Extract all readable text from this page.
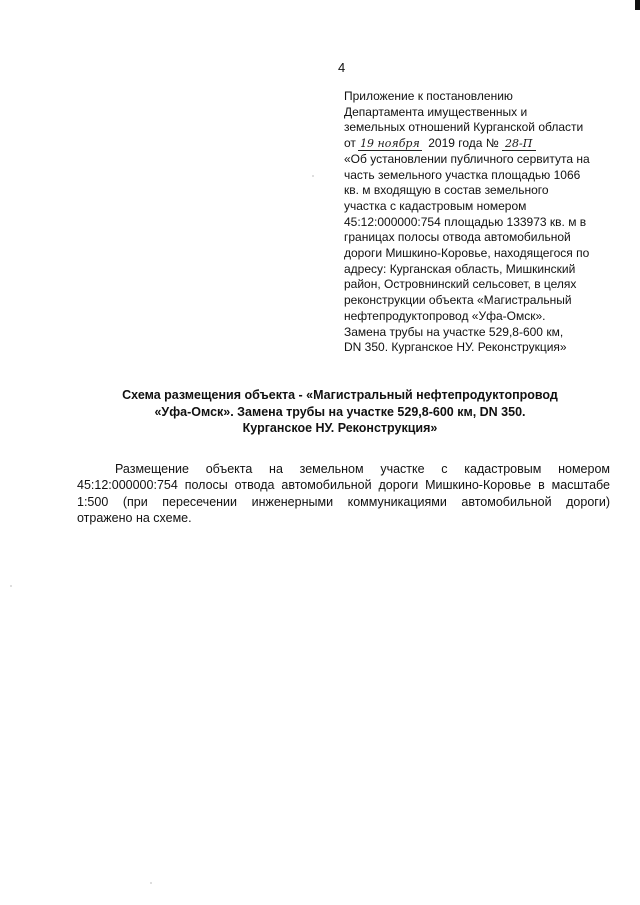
4
Приложение к постановлению
Департамента имущественных и
земельных отношений Курганской области
от 19 ноября 2019 года № 28-П
«Об установлении публичного сервитута на
часть земельного участка площадью 1066
кв. м входящую в состав земельного
участка с кадастровым номером
45:12:000000:754 площадью 133973 кв. м в
границах полосы отвода автомобильной
дороги Мишкино-Коровье, находящегося по
адресу: Курганская область, Мишкинский
район, Островнинский сельсовет, в целях
реконструкции объекта «Магистральный
нефтепродуктопровод «Уфа-Омск».
Замена трубы на участке 529,8-600 км,
DN 350. Курганское НУ. Реконструкция»
Схема размещения объекта - «Магистральный нефтепродуктопровод
«Уфа-Омск». Замена трубы на участке 529,8-600 км, DN 350.
Курганское НУ. Реконструкция»
Размещение объекта на земельном участке с кадастровым номером
45:12:000000:754 полосы отвода автомобильной дороги Мишкино-Коровье в масштабе
1:500 (при пересечении инженерными коммуникациями автомобильной дороги)
отражено на схеме.
